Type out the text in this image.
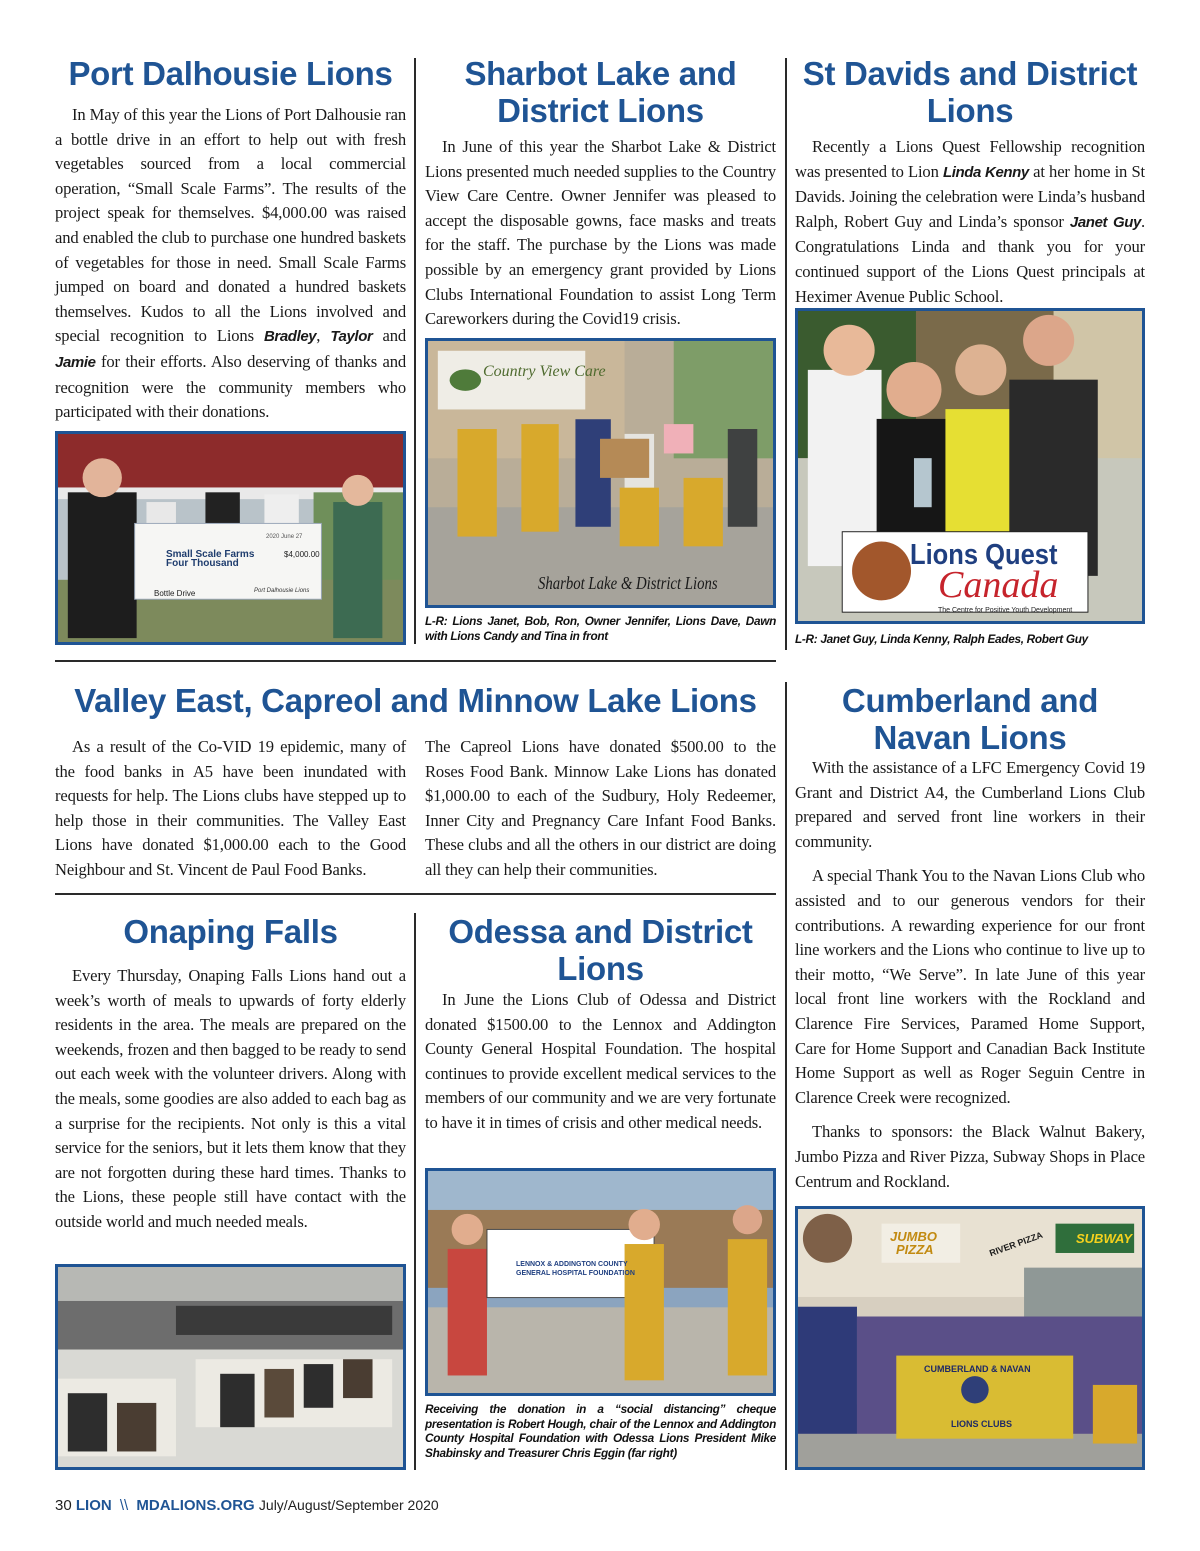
Port Dalhousie Lions

In May of this year the Lions of Port Dalhousie ran a bottle drive in an effort to help out with fresh vegetables sourced from a local commercial operation, “Small Scale Farms”. The results of the project speak for themselves. $4,000.00 was raised and enabled the club to purchase one hundred baskets of vegetables for those in need. Small Scale Farms jumped on board and donated a hundred baskets themselves. Kudos to all the Lions involved and special recognition to Lions Bradley, Taylor and Jamie for their efforts. Also deserving of thanks and recognition were the community members who participated with their donations.

Small Scale Farms
Four Thousand
$4,000.00
2020 June 27
Bottle Drive	Port Dalhousie Lions
Sharbot Lake and District Lions

In June of this year the Sharbot Lake & District Lions presented much needed supplies to the Country View Care Centre. Owner Jennifer was pleased to accept the disposable gowns, face masks and treats for the staff. The purchase by the Lions was made possible by an emergency grant provided by Lions Clubs International Foundation to assist Long Term Careworkers during the Covid19 crisis.

Country View Care
Sharbot Lake & District Lions
L-R: Lions Janet, Bob, Ron, Owner Jennifer, Lions Dave, Dawn with Lions Candy and Tina in front
St Davids and District Lions

Recently a Lions Quest Fellowship recognition was presented to Lion Linda Kenny at her home in St Davids. Joining the celebration were Linda’s husband Ralph, Robert Guy and Linda’s sponsor Janet Guy. Congratulations Linda and thank you for your continued support of the Lions Quest principals at Heximer Avenue Public School.

Lions Quest
Canada
The Centre for Positive Youth Development
L-R: Janet Guy, Linda Kenny, Ralph Eades, Robert Guy
Valley East, Capreol and Minnow Lake Lions

As a result of the Co-VID 19 epidemic, many of the food banks in A5 have been inundated with requests for help. The Lions clubs have stepped up to help those in their communities. The Valley East Lions have donated $1,000.00 each to the Good Neighbour and St. Vincent de Paul Food Banks.

The Capreol Lions have donated $500.00 to the Roses Food Bank. Minnow Lake Lions has donated $1,000.00 to each of the Sudbury, Holy Redeemer, Inner City and Pregnancy Care Infant Food Banks. These clubs and all the others in our district are doing all they can help their communities.

Onaping Falls

Every Thursday, Onaping Falls Lions hand out a week’s worth of meals to upwards of forty elderly residents in the area. The meals are prepared on the weekends, frozen and then bagged to be ready to send out each week with the volunteer drivers. Along with the meals, some goodies are also added to each bag as a surprise for the recipients. Not only is this a vital service for the seniors, but it lets them know that they are not forgotten during these hard times. Thanks to the Lions, these people still have contact with the outside world and much needed meals.

Odessa and District Lions

In June the Lions Club of Odessa and District donated $1500.00 to the Lennox and Addington County General Hospital Foundation. The hospital continues to provide excellent medical services to the members of our community and we are very fortunate to have it in times of crisis and other medical needs.

LENNOX & ADDINGTON COUNTY
GENERAL HOSPITAL FOUNDATION
Receiving the donation in a “social distancing” cheque presentation is Robert Hough, chair of the Lennox and Addington County Hospital Foundation with Odessa Lions President Mike Shabinsky and Treasurer Chris Eggin (far right)
Cumberland and Navan Lions

With the assistance of a LFC Emergency Covid 19 Grant and District A4, the Cumberland Lions Club prepared and served front line workers in their community.

A special Thank You to the Navan Lions Club who assisted and to our generous vendors for their contributions. A rewarding experience for our front line workers and the Lions who continue to live up to their motto, “We Serve”. In late June of this year local front line workers with the Rockland and Clarence Fire Services, Paramed Home Support, Care for Home Support and Canadian Back Institute Home Support as well as Roger Seguin Centre in Clarence Creek were recognized.

Thanks to sponsors: the Black Walnut Bakery, Jumbo Pizza and River Pizza, Subway Shops in Place Centrum and Rockland.

JUMBO
PIZZA	RIVER PIZZA SUBWAY
CUMBERLAND & NAVAN
LIONS CLUBS
30 LION \\ MDALIONS.ORG July/August/September 2020
